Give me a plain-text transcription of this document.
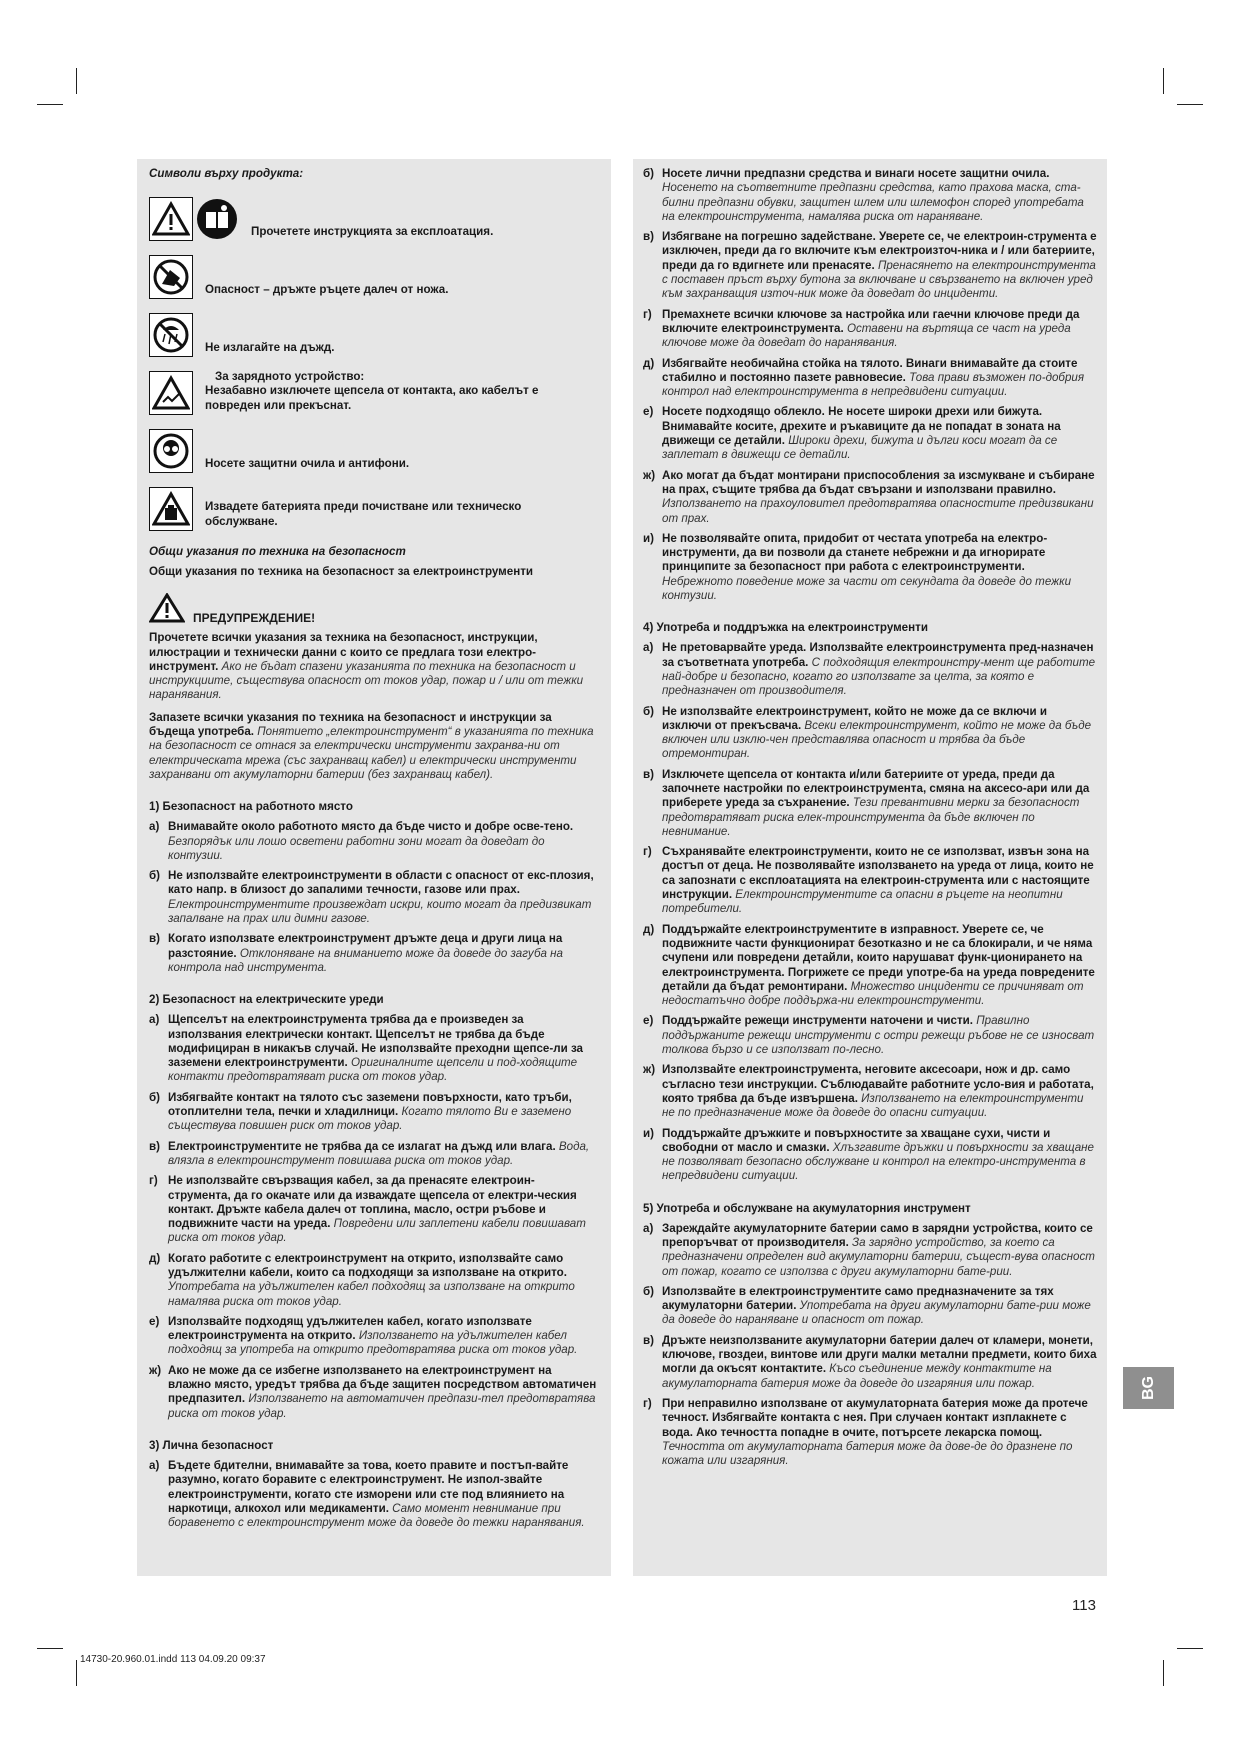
Символи върху продукта:
Прочетете инструкцията за експлоатация.
Опасност – дръжте ръцете далеч от ножа.
Не излагайте на дъжд.
За зарядното устройство:
Незабавно изключете щепсела от контакта, ако кабелът е повреден или прекъснат.
Носете защитни очила и антифони.
Извадете батерията преди почистване или техническо обслужване.
Общи указания по техника на безопасност
Общи указания по техника на безопасност за електроинструменти
ПРЕДУПРЕЖДЕНИЕ!
Прочетете всички указания за техника на безопасност, инструкции, илюстрации и технически данни с които се предлага този електро-инструмент. Ако не бъдат спазени указанията по техника на безопасност и инструкциите, съществува опасност от токов удар, пожар и / или от тежки наранявания.
Запазете всички указания по техника на безопасност и инструкции за бъдеща употреба. Понятието „електроинструмент“ в указанията по техника на безопасност се отнася за електрически инструменти захранва-ни от електрическата мрежа (със захранващ кабел) и електрически инструменти захранвани от акумулаторни батерии (без захранващ кабел).
1) Безопасност на работното място
а) Внимавайте около работното място да бъде чисто и добре осве-тено. Безпорядък или лошо осветени работни зони могат да доведат до контузии.
б) Не използвайте електроинструменти в области с опасност от екс-плозия, като напр. в близост до запалими течности, газове или прах. Електроинструментите произвеждат искри, които могат да предизвикат запалване на прах или димни газове.
в) Когато използвате електроинструмент дръжте деца и други лица на разстояние. Отклоняване на вниманието може да доведе до загуба на контрола над инструмента.
2) Безопасност на електрическите уреди
а) Щепселът на електроинструмента трябва да е произведен за използвания електрически контакт. Щепселът не трябва да бъде модифициран в никакъв случай. Не използвайте преходни щепсе-ли за заземени електроинструменти. Оригиналните щепсели и под-ходящите контакти предотвратяват риска от токов удар.
б) Избягвайте контакт на тялото със заземени повърхности, като тръби, отоплителни тела, печки и хладилници. Когато тялото Ви е заземено съществува повишен риск от токов удар.
в) Електроинструментите не трябва да се излагат на дъжд или влага. Вода, влязла в електроинструмент повишава риска от токов удар.
г) Не използвайте свързващия кабел, за да пренасяте електроин-струмента, да го окачате или да изваждате щепсела от електри-ческия контакт. Дръжте кабела далеч от топлина, масло, остри ръбове и подвижните части на уреда. Повредени или заплетени кабели повишават риска от токов удар.
д) Когато работите с електроинструмент на открито, използвайте само удължителни кабели, които са подходящи за използване на открито. Употребата на удължителен кабел подходящ за използване на открито намалява риска от токов удар.
е) Използвайте подходящ удължителен кабел, когато използвате електроинструмента на открито. Използването на удължителен кабел подходящ за употреба на открито предотвратява риска от токов удар.
ж) Ако не може да се избегне използването на електроинструмент на влажно място, уредът трябва да бъде защитен посредством автоматичен предпазител. Използването на автоматичен предпази-тел предотвратява риска от токов удар.
3) Лична безопасност
а) Бъдете бдителни, внимавайте за това, което правите и постъп-вайте разумно, когато боравите с електроинструмент. Не изпол-звайте електроинструменти, когато сте изморени или сте под влиянието на наркотици, алкохол или медикаменти. Само момент невнимание при боравенето с електроинструмент може да доведе до тежки наранявания.
б) Носете лични предпазни средства и винаги носете защитни очила. Носенето на съответните предпазни средства, като прахова маска, ста-билни предпазни обувки, защитен шлем или шлемофон според употребата на електроинструмента, намалява риска от нараняване.
в) Избягване на погрешно задействане. Уверете се, че електроин-струмента е изключен, преди да го включите към електроизточ-ника и / или батериите, преди да го вдигнете или пренасяте. Пренасянето на електроинструмента с поставен пръст върху бутона за включване и свързването на включен уред към захранващия източ-ник може да доведат до инциденти.
г) Премахнете всички ключове за настройка или гаечни ключове преди да включите електроинструмента. Оставени на въртяща се част на уреда ключове може да доведат до наранявания.
д) Избягвайте необичайна стойка на тялото. Винаги внимавайте да стоите стабилно и постоянно пазете равновесие. Това прави възможен по-добрия контрол над електроинструмента в непредвидени ситуации.
е) Носете подходящо облекло. Не носете широки дрехи или бижута. Внимавайте косите, дрехите и ръкавиците да не попадат в зоната на движещи се детайли. Широки дрехи, бижута и дълги коси могат да се заплетат в движещи се детайли.
ж) Ако могат да бъдат монтирани приспособления за изсмукване и събиране на прах, същите трябва да бъдат свързани и използвани правилно. Използването на прахоуловител предотвратява опасностите предизвикани от прах.
и) Не позволявайте опита, придобит от честата употреба на електро-инструменти, да ви позволи да станете небрежни и да игнорирате принципите за безопасност при работа с електроинструменти. Небрежното поведение може за части от секундата да доведе до тежки контузии.
4) Употреба и поддръжка на електроинструменти
а) Не претоварвайте уреда. Използвайте електроинструмента пред-назначен за съответната употреба. С подходящия електроинстру-мент ще работите най-добре и безопасно, когато го използвате за целта, за която е предназначен от производителя.
б) Не използвайте електроинструмент, който не може да се включи и изключи от прекъсвача. Всеки електроинструмент, който не може да бъде включен или изклю-чен представлява опасност и трябва да бъде отремонтиран.
в) Изключете щепсела от контакта и/или батериите от уреда, преди да започнете настройки по електроинструмента, смяна на аксесо-ари или да приберете уреда за съхранение. Тези превантивни мерки за безопасност предотвратяват риска елек-троинструмента да бъде включен по невнимание.
г) Съхранявайте електроинструменти, които не се използват, извън зона на достъп от деца. Не позволявайте използването на уреда от лица, които не са запознати с експлоатацията на електроин-струмента или с настоящите инструкции. Електроинструментите са опасни в ръцете на неопитни потребители.
д) Поддържайте електроинструментите в изправност. Уверете се, че подвижните части функционират безотказно и не са блокирали, и че няма счупени или повредени детайли, които нарушават функ-ционирането на електроинструмента. Погрижете се преди употре-ба на уреда повредените детайли да бъдат ремонтирани. Множество инциденти се причиняват от недостатъчно добре поддържа-ни електроинструменти.
е) Поддържайте режещи инструменти наточени и чисти. Правилно поддържаните режещи инструменти с остри режещи ръбове не се износват толкова бързо и се използват по-лесно.
ж) Използвайте електроинструмента, неговите аксесоари, нож и др. само съгласно тези инструкции. Съблюдавайте работните усло-вия и работата, която трябва да бъде извършена. Използването на електроинструменти не по предназначение може да доведе до опасни ситуации.
и) Поддържайте дръжките и повърхностите за хващане сухи, чисти и свободни от масло и смазки. Хлъзгавите дръжки и повърхности за хващане не позволяват безопасно обслужване и контрол на електро-инструмента в непредвидени ситуации.
5) Употреба и обслужване на акумулаторния инструмент
а) Зареждайте акумулаторните батерии само в зарядни устройства, които се препоръчват от производителя. За зарядно устройство, за което са предназначени определен вид акумулаторни батерии, същест-вува опасност от пожар, когато се използва с други акумулаторни бате-рии.
б) Използвайте в електроинструментите само предназначените за тях акумулаторни батерии. Употребата на други акумулаторни бате-рии може да доведе до нараняване и опасност от пожар.
в) Дръжте неизползваните акумулаторни батерии далеч от кламери, монети, ключове, гвоздеи, винтове или други малки метални предмети, които биха могли да окъсят контактите. Късо съединение между контактите на акумулаторната батерия може да доведе до изгаряния или пожар.
г) При неправилно използване от акумулаторната батерия може да протече течност. Избягвайте контакта с нея. При случаен контакт изплакнете с вода. Ако течността попадне в очите, потърсете лекарска помощ. Течността от акумулаторната батерия може да дове-де до дразнене по кожата или изгаряния.
BG
113
14730-20.960.01.indd 113 04.09.20 09:37
